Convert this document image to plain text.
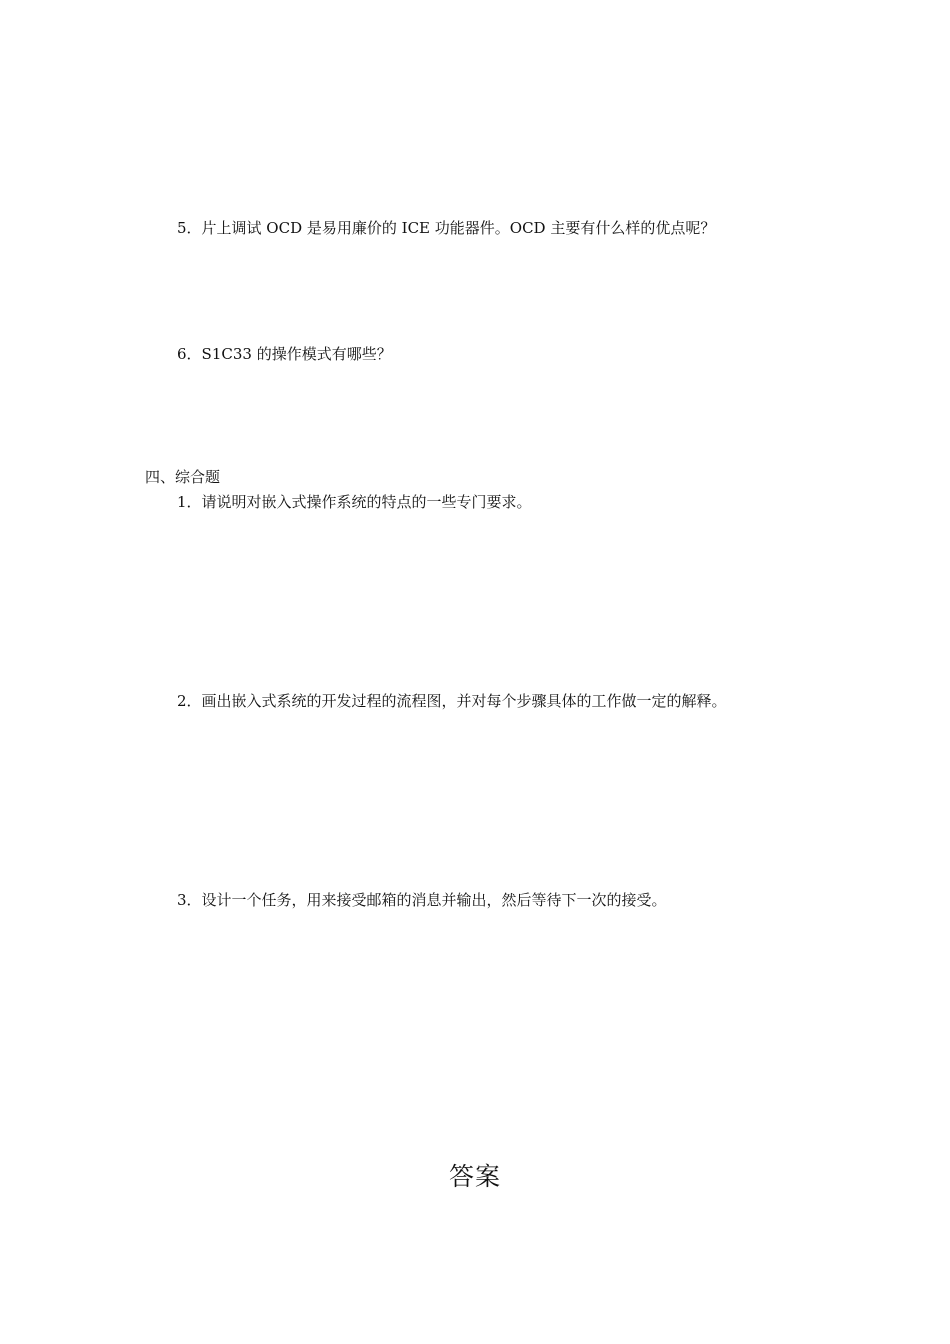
5．片上调试 OCD 是易用廉价的 ICE 功能器件。OCD 主要有什么样的优点呢？
6．S1C33 的操作模式有哪些？
四、综合题
1．请说明对嵌入式操作系统的特点的一些专门要求。
2．画出嵌入式系统的开发过程的流程图，并对每个步骤具体的工作做一定的解释。
3．设计一个任务，用来接受邮箱的消息并输出，然后等待下一次的接受。
答案
